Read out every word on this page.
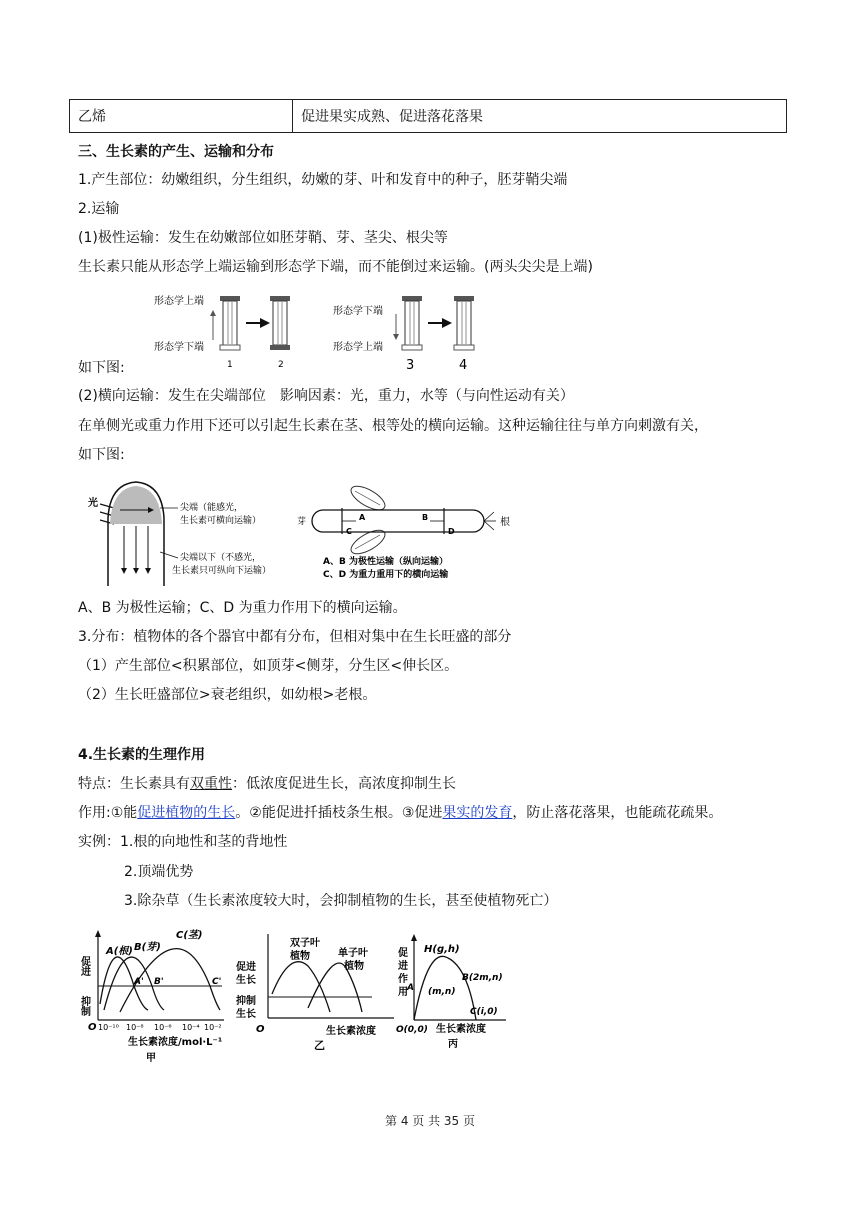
乙烯	促进果实成熟、促进落花落果
三、生长素的产生、运输和分布
1.产生部位：幼嫩组织，分生组织，幼嫩的芽、叶和发育中的种子，胚芽鞘尖端
2.运输
(1)极性运输：发生在幼嫩部位如胚芽鞘、芽、茎尖、根尖等
生长素只能从形态学上端运输到形态学下端，而不能倒过来运输。(两头尖尖是上端)
形态学上端
形态学下端
1	2
形态学下端
形态学上端
3	4
如下图:
(2)横向运输：发生在尖端部位　影响因素：光，重力，水等（与向性运动有关）
在单侧光或重力作用下还可以引起生长素在茎、根等处的横向运输。这种运输往往与单方向刺激有关，
如下图:
光	尖端（能感光，
生长素可横向运输）
尖端以下（不感光，
生长素只可纵向下运输）
芽	根
A
C
B
D
A、B 为极性运输（纵向运输）
C、D 为重力重用下的横向运输
A、B 为极性运输；C、D 为重力作用下的横向运输。
3.分布：植物体的各个器官中都有分布，但相对集中在生长旺盛的部分
（1）产生部位<积累部位，如顶芽<侧芽，分生区<伸长区。
（2）生长旺盛部位>衰老组织，如幼根>老根。
4.生长素的生理作用
特点：生长素具有双重性：低浓度促进生长，高浓度抑制生长
作用:①能促进植物的生长。②能促进扦插枝条生根。③促进果实的发育，防止落花落果，也能疏花疏果。
实例：1.根的向地性和茎的背地性
2.顶端优势
3.除杂草（生长素浓度较大时，会抑制植物的生长，甚至使植物死亡）
促进
抑制
A(根) B(芽)
C(茎)
A' B'	C'
O 10⁻¹⁰ 10⁻⁸ 10⁻⁶ 10⁻⁴ 10⁻²
生长素浓度/mol·L⁻¹
甲
促进
生长
抑制
生长
O
双子叶
植物	单子叶
植物
生长素浓度
乙
促
进
作
用
H(g,h)
B(2m,n)
A (m,n)
C(i,0)
O(0,0) 生长素浓度
丙
第 4 页 共 35 页
